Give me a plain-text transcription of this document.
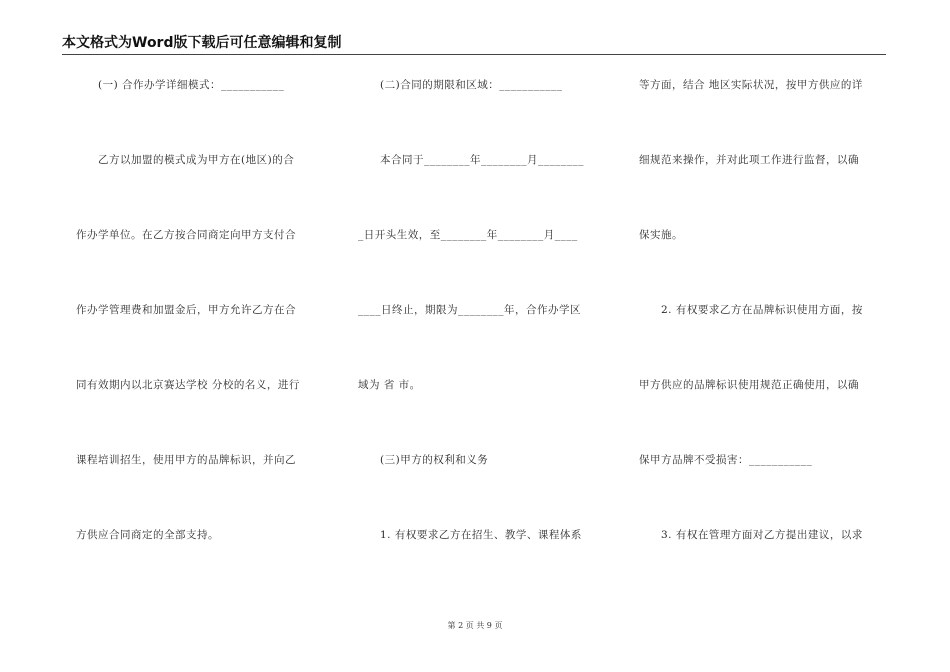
本文格式为Word版下载后可任意编辑和复制
(一) 合作办学详细模式：___________
乙方以加盟的模式成为甲方在(地区)的合
作办学单位。在乙方按合同商定向甲方支付合
作办学管理费和加盟金后，甲方允许乙方在合
同有效期内以北京赛达学校 分校的名义，进行
课程培训招生，使用甲方的品牌标识，并向乙
方供应合同商定的全部支持。
(二)合同的期限和区域：___________
本合同于________年________月________
_日开头生效，至________年________月____
____日终止，期限为________年，合作办学区
域为 省 市。
(三)甲方的权利和义务
1. 有权要求乙方在招生、教学、课程体系
等方面，结合 地区实际状况，按甲方供应的详
细规范来操作，并对此项工作进行监督，以确
保实施。
2. 有权要求乙方在品牌标识使用方面，按
甲方供应的品牌标识使用规范正确使用，以确
保甲方品牌不受损害：___________
3. 有权在管理方面对乙方提出建议，以求
第 2 页 共 9 页
